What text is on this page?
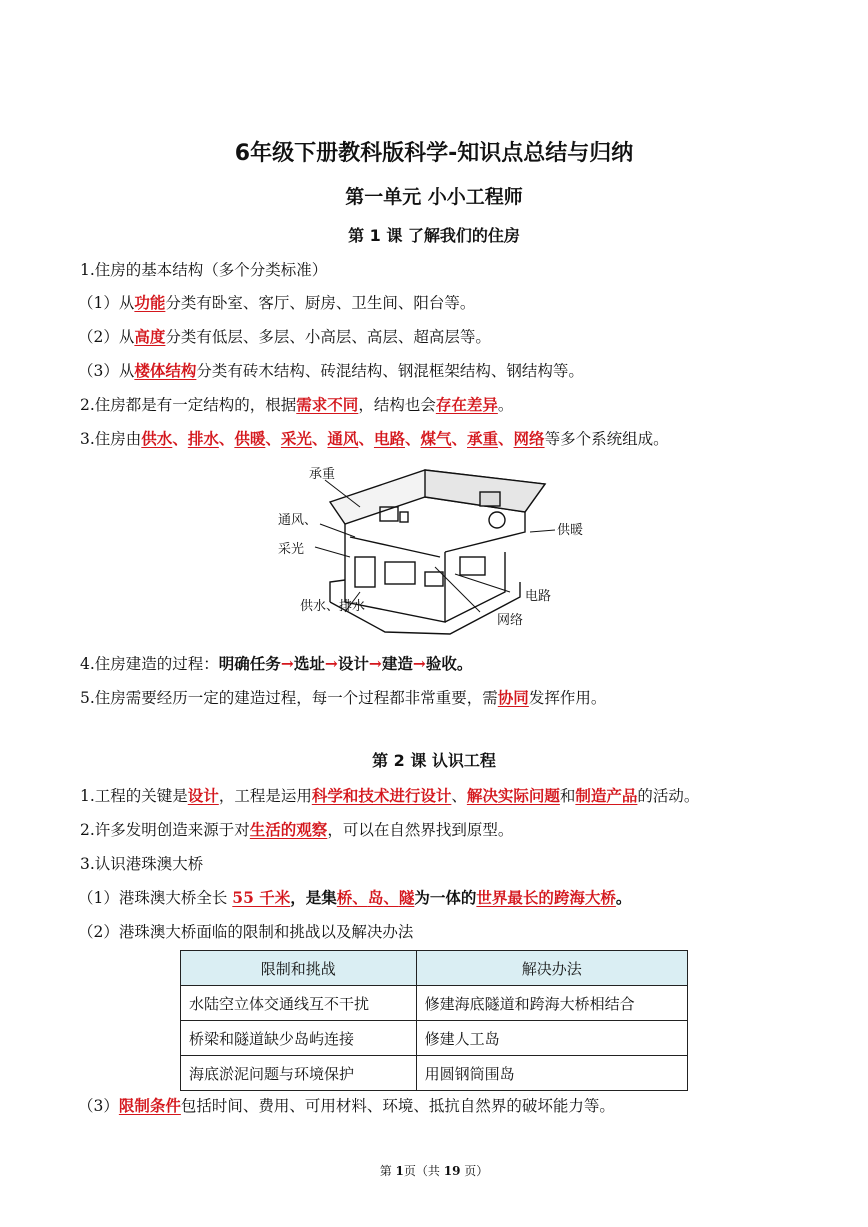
6年级下册教科版科学-知识点总结与归纳
第一单元 小小工程师
第 1 课 了解我们的住房
1.住房的基本结构（多个分类标准）
（1）从功能分类有卧室、客厅、厨房、卫生间、阳台等。
（2）从高度分类有低层、多层、小高层、高层、超高层等。
（3）从楼体结构分类有砖木结构、砖混结构、钢混框架结构、钢结构等。
2.住房都是有一定结构的，根据需求不同，结构也会存在差异。
3.住房由供水、排水、供暖、采光、通风、电路、煤气、承重、网络等多个系统组成。
承重
通风、
采光
供暖
供水、排水
电路
网络
4.住房建造的过程：明确任务→选址→设计→建造→验收。
5.住房需要经历一定的建造过程，每一个过程都非常重要，需协同发挥作用。
第 2 课 认识工程
1.工程的关键是设计，工程是运用科学和技术进行设计、解决实际问题和制造产品的活动。
2.许多发明创造来源于对生活的观察，可以在自然界找到原型。
3.认识港珠澳大桥
（1）港珠澳大桥全长 55 千米，是集桥、岛、隧为一体的世界最长的跨海大桥。
（2）港珠澳大桥面临的限制和挑战以及解决办法
限制和挑战	解决办法
水陆空立体交通线互不干扰	修建海底隧道和跨海大桥相结合
桥梁和隧道缺少岛屿连接	修建人工岛
海底淤泥问题与环境保护	用圆钢筒围岛
（3）限制条件包括时间、费用、可用材料、环境、抵抗自然界的破坏能力等。
第 1页（共 19 页）
